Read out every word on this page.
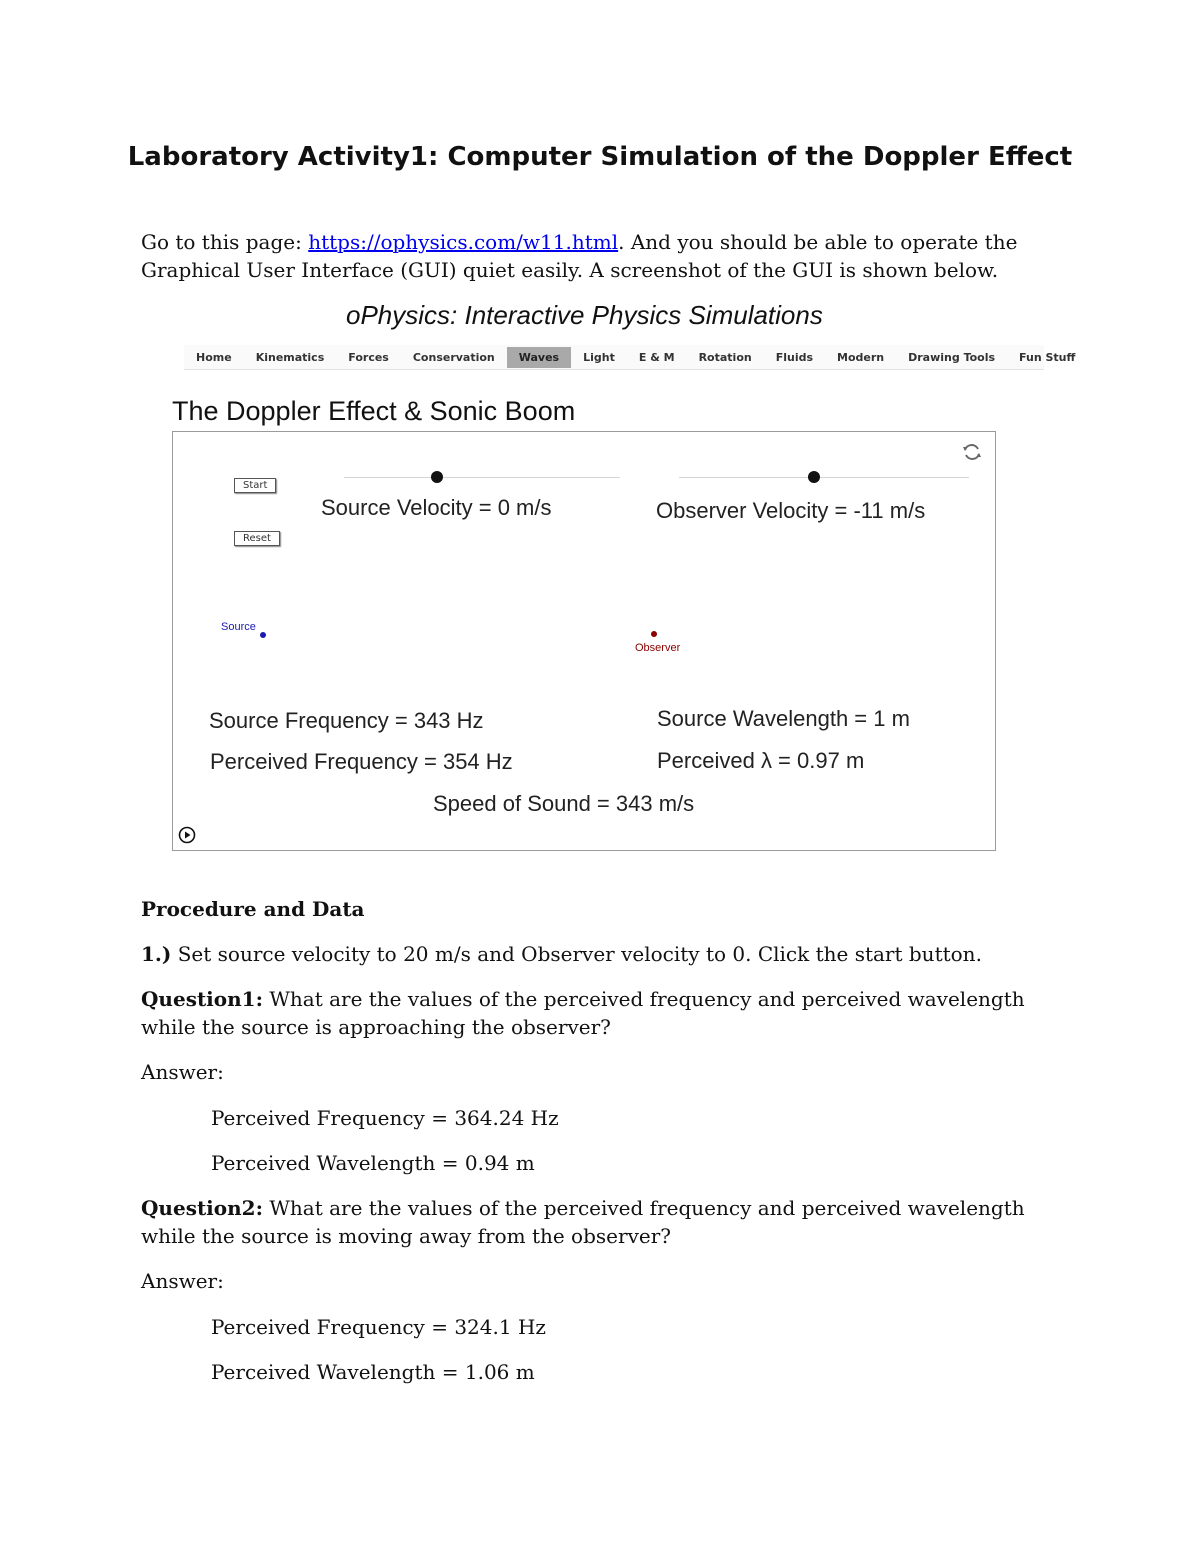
Laboratory Activity1: Computer Simulation of the Doppler Effect

Go to this page: https://ophysics.com/w11.html. And you should be able to operate the Graphical User Interface (GUI) quiet easily. A screenshot of the GUI is shown below.

oPhysics: Interactive Physics Simulations

Home	Kinematics	Forces	Conservation	Waves	Light	E & M	Rotation	Fluids	Modern	Drawing Tools	Fun Stuff

The Doppler Effect & Sonic Boom

Start
Reset
Source Velocity = 0 m/s	Observer Velocity = -11 m/s
Source
Observer
Source Frequency = 343 Hz
Perceived Frequency = 354 Hz
Source Wavelength = 1 m
Perceived λ = 0.97 m
Speed of Sound = 343 m/s

Procedure and Data

1.) Set source velocity to 20 m/s and Observer velocity to 0. Click the start button.

Question1: What are the values of the perceived frequency and perceived wavelength while the source is approaching the observer?

Answer:

Perceived Frequency = 364.24 Hz

Perceived Wavelength = 0.94 m

Question2: What are the values of the perceived frequency and perceived wavelength while the source is moving away from the observer?

Answer:

Perceived Frequency = 324.1 Hz

Perceived Wavelength = 1.06 m
